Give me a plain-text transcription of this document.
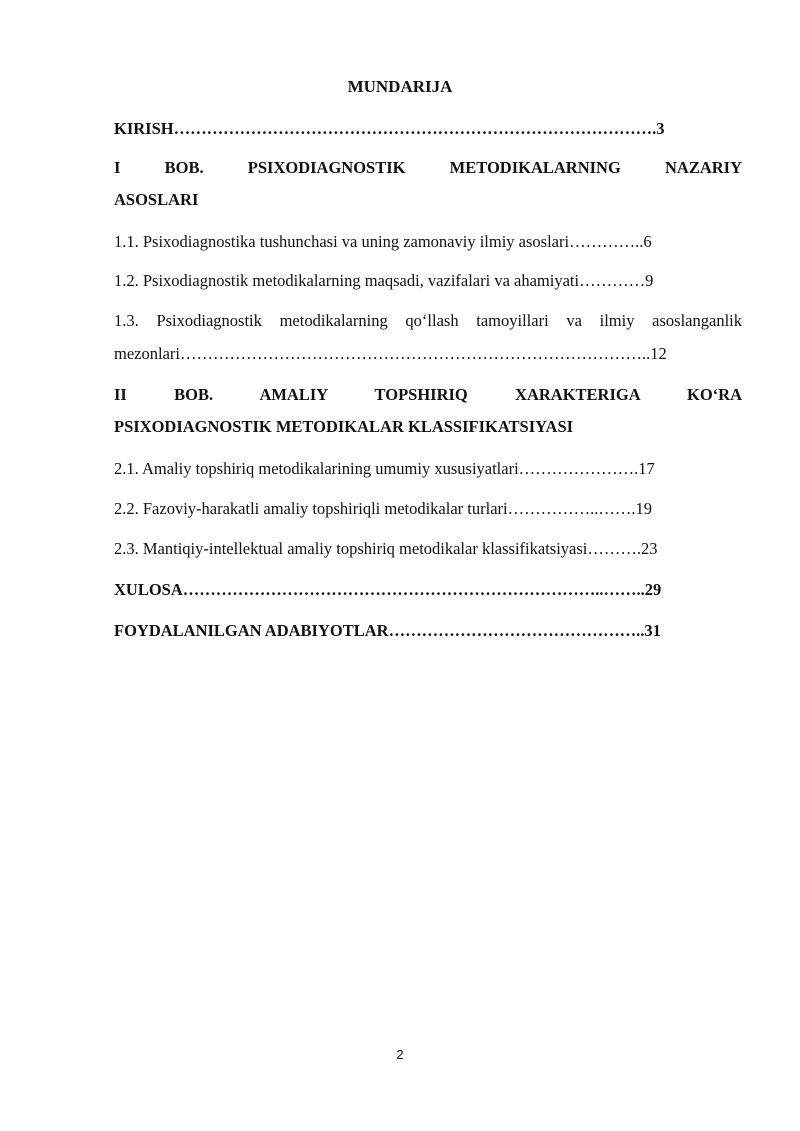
MUNDARIJA
KIRISH…………………………………………………………………………….3
I BOB. PSIXODIAGNOSTIK METODIKALARNING NAZARIY
ASOSLARI
1.1. Psixodiagnostika tushunchasi va uning zamonaviy ilmiy asoslari…………..6
1.2. Psixodiagnostik metodikalarning maqsadi, vazifalari va ahamiyati…………9
1.3. Psixodiagnostik metodikalarning qo‘llash tamoyillari va ilmiy asoslanganlik
mezonlari…………………………………………………………………………..12
II BOB. AMALIY TOPSHIRIQ XARAKTERIGA KO‘RA
PSIXODIAGNOSTIK METODIKALAR KLASSIFIKATSIYASI
2.1. Amaliy topshiriq metodikalarining umumiy xususiyatlari………………….17
2.2. Fazoviy-harakatli amaliy topshiriqli metodikalar turlari……………..…….19
2.3. Mantiqiy-intellektual amaliy topshiriq metodikalar klassifikatsiyasi……….23
XULOSA…………………………………………………………………..……..29
FOYDALANILGAN ADABIYOTLAR………………………………………..31
2
